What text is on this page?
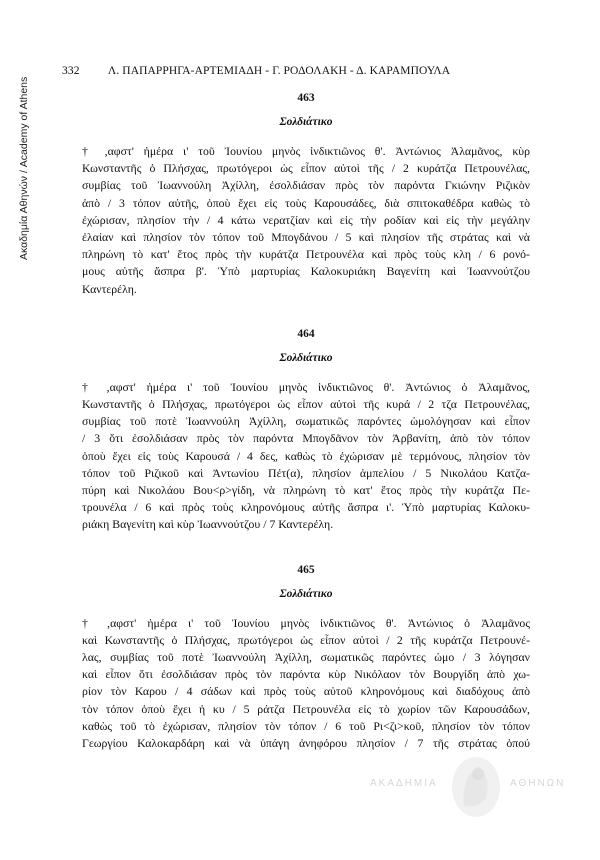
Ακαδημία Αθηνών / Academy of Athens
332 Λ. ΠΑΠΑΡΡΗΓΑ-ΑΡΤΕΜΙΑΔΗ - Γ. ΡΟΔΟΛΑΚΗ - Δ. ΚΑΡΑΜΠΟΥΛΑ
463
Σολδιάτικο

† ,αφστ' ἡμέρα ι' τοῦ Ἰουνίου μηνὸς ἰνδικτιῶνος θ'. Ἀντώνιος Ἀλαμᾶνος, κὺρ
Κωνσταντῆς ὁ Πλήσχας, πρωτόγεροι ὡς εἶπον αὐτοὶ τῆς / 2 κυράτζα Πετρουνέλας,
συμβίας τοῦ Ἰωαννούλη Ἀχίλλη, ἐσολδιάσαν πρὸς τὸν παρόντα Γκιώνην Ριζικὸν
ἀπὸ / 3 τόπον αὐτῆς, ὁποὺ ἔχει εἰς τοὺς Καρουσάδες, διὰ σπιτοκαθέδρα καθὼς τὸ
ἐχώρισαν, πλησίον τὴν / 4 κάτω νερατζίαν καὶ εἰς τὴν ροδίαν καὶ εἰς τὴν μεγάλην
ἐλαίαν καὶ πλησίον τὸν τόπον τοῦ Μπογδάνου / 5 καὶ πλησίον τῆς στράτας καὶ νὰ
πληρώνη τὸ κατ' ἔτος πρὸς τὴν κυράτζα Πετρουνέλα καὶ πρὸς τοὺς κλη / 6 ρονό-
μους αὐτῆς ἄσπρα β'. Ὑπὸ μαρτυρίας Καλοκυριάκη Βαγενίτη καὶ Ἰωαννούτζου
Καντερέλη.

464
Σολδιάτικο

† ,αφστ' ἡμέρα ι' τοῦ Ἰουνίου μηνὸς ἰνδικτιῶνος θ'. Ἀντώνιος ὁ Ἀλαμᾶνος,
Κωνσταντῆς ὁ Πλήσχας, πρωτόγεροι ὡς εἶπον αὐτοὶ τῆς κυρά / 2 τζα Πετρουνέλας,
συμβίας τοῦ ποτὲ Ἰωαννούλη Ἀχίλλη, σωματικῶς παρόντες ὡμολόγησαν καὶ εἶπον
/ 3 ὅτι ἐσολδιάσαν πρὸς τὸν παρόντα Μπογδᾶνον τὸν Ἀρβανίτη, ἀπὸ τὸν τόπον
ὁποὺ ἔχει εἰς τοὺς Καρουσά / 4 δες, καθὼς τὸ ἐχώρισαν μὲ τερμόνους, πλησίον τὸν
τόπον τοῦ Ριζικοῦ καὶ Ἀντωνίου Πέτ(α), πλησίον ἀμπελίου / 5 Νικολάου Κατζα-
πύρη καὶ Νικολάου Βου<ρ>γίδη, νὰ πληρώνη τὸ κατ' ἔτος πρὸς τὴν κυράτζα Πε-
τρουνέλα / 6 καὶ πρὸς τοὺς κληρονόμους αὐτῆς ἄσπρα ι'. Ὑπὸ μαρτυρίας Καλοκυ-
ριάκη Βαγενίτη καὶ κὺρ Ἰωαννούτζου / 7 Καντερέλη.

465
Σολδιάτικο

† ,αφστ' ἡμέρα ι' τοῦ Ἰουνίου μηνὸς ἰνδικτιῶνος θ'. Ἀντώνιος ὁ Ἀλαμᾶνος
καὶ Κωνσταντῆς ὁ Πλήσχας, πρωτόγεροι ὡς εἶπον αὐτοὶ / 2 τῆς κυράτζα Πετρουνέ-
λας, συμβίας τοῦ ποτὲ Ἰωαννούλη Ἀχίλλη, σωματικῶς παρόντες ὡμο / 3 λόγησαν
καὶ εἶπον ὅτι ἐσολδιάσαν πρὸς τὸν παρόντα κὺρ Νικόλαον τὸν Βουργίδη ἀπὸ χω-
ρίον τὸν Καρου / 4 σάδων καὶ πρὸς τοὺς αὐτοῦ κληρονόμους καὶ διαδόχους ἀπὸ
τὸν τόπον ὁποὺ ἔχει ἡ κυ / 5 ράτζα Πετρουνέλα εἰς τὸ χωρίον τῶν Καρουσάδων,
καθὼς τοῦ τὸ ἐχώρισαν, πλησίον τὸν τόπον / 6 τοῦ Ρι<ζι>κοῦ, πλησίον τὸν τόπον
Γεωργίου Καλοκαρδάρη καὶ νὰ ὑπάγη ἀνηφόρου πλησίον / 7 τῆς στράτας ὁπού

ΑΚΑΔΗΜΙΑ	ΑΘΗΝΩΝ
